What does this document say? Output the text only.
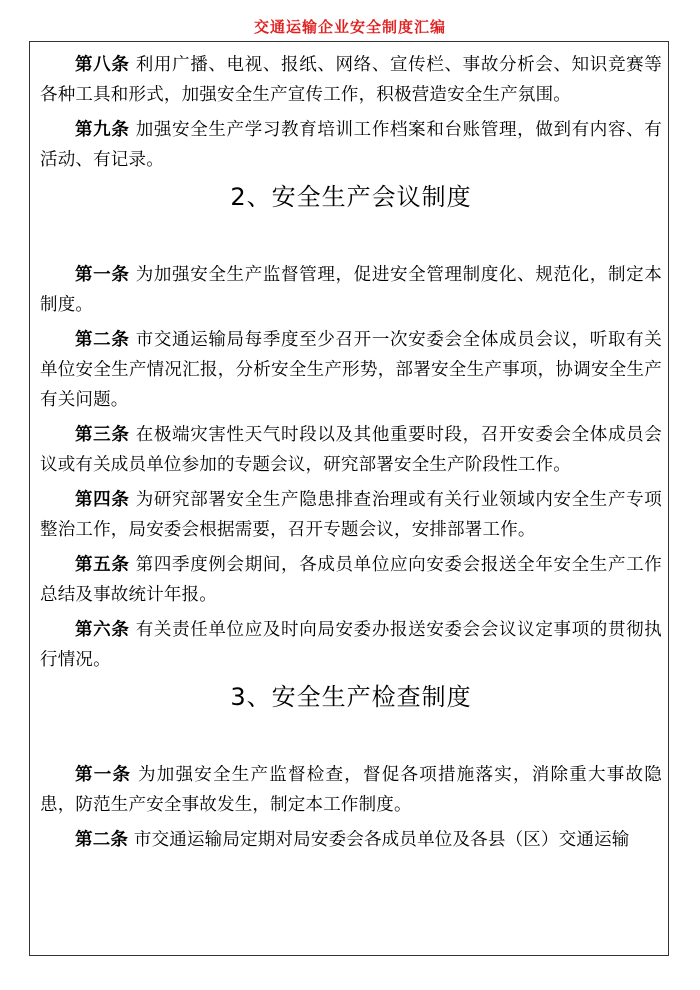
交通运输企业安全制度汇编

第八条 利用广播、电视、报纸、网络、宣传栏、事故分析会、知识竞赛等各种工具和形式，加强安全生产宣传工作，积极营造安全生产氛围。

第九条 加强安全生产学习教育培训工作档案和台账管理，做到有内容、有活动、有记录。

2、安全生产会议制度

第一条 为加强安全生产监督管理，促进安全管理制度化、规范化，制定本制度。

第二条 市交通运输局每季度至少召开一次安委会全体成员会议，听取有关单位安全生产情况汇报，分析安全生产形势，部署安全生产事项，协调安全生产有关问题。

第三条 在极端灾害性天气时段以及其他重要时段，召开安委会全体成员会议或有关成员单位参加的专题会议，研究部署安全生产阶段性工作。

第四条 为研究部署安全生产隐患排查治理或有关行业领域内安全生产专项整治工作，局安委会根据需要，召开专题会议，安排部署工作。

第五条 第四季度例会期间，各成员单位应向安委会报送全年安全生产工作总结及事故统计年报。

第六条 有关责任单位应及时向局安委办报送安委会会议议定事项的贯彻执行情况。

3、安全生产检查制度

第一条 为加强安全生产监督检查，督促各项措施落实，消除重大事故隐患，防范生产安全事故发生，制定本工作制度。

第二条 市交通运输局定期对局安委会各成员单位及各县（区）交通运输
